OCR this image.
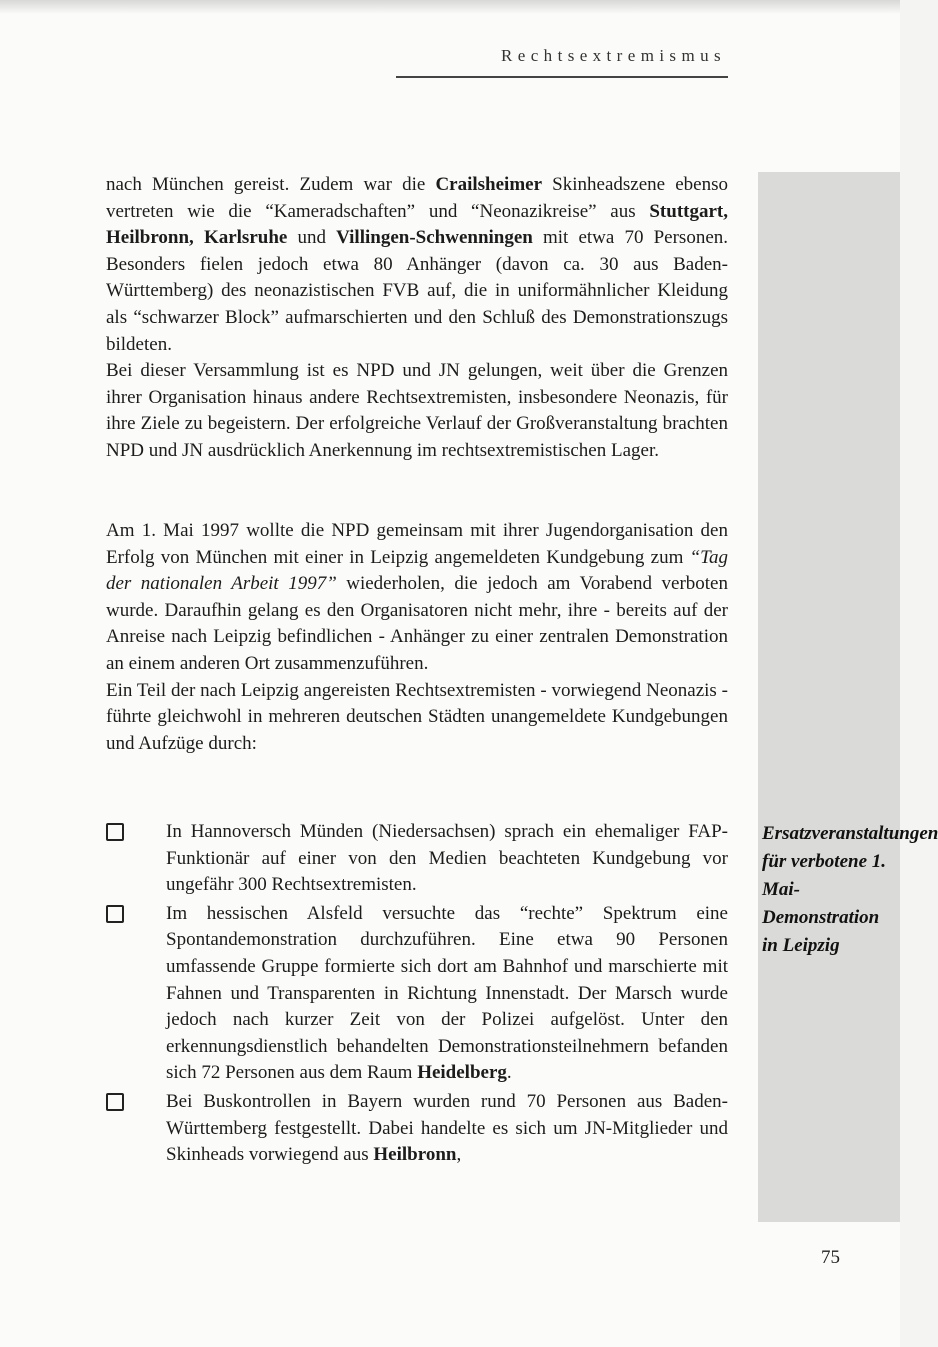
Rechtsextremismus
Ersatzveranstaltungen für verbotene 1. Mai-Demonstration in Leipzig

nach München gereist. Zudem war die Crailsheimer Skinheadszene ebenso vertreten wie die “Kameradschaften” und “Neonazikreise” aus Stuttgart, Heilbronn, Karlsruhe und Villingen-Schwenningen mit etwa 70 Personen. Besonders fielen jedoch etwa 80 Anhänger (davon ca. 30 aus Baden-Württemberg) des neonazistischen FVB auf, die in uniformähnlicher Kleidung als “schwarzer Block” aufmarschierten und den Schluß des Demonstrationszugs bildeten.

Bei dieser Versammlung ist es NPD und JN gelungen, weit über die Grenzen ihrer Organisation hinaus andere Rechtsextremisten, insbesondere Neonazis, für ihre Ziele zu begeistern. Der erfolgreiche Verlauf der Großveranstaltung brachten NPD und JN ausdrücklich Anerkennung im rechtsextremistischen Lager.

Am 1. Mai 1997 wollte die NPD gemeinsam mit ihrer Jugendorganisation den Erfolg von München mit einer in Leipzig angemeldeten Kundgebung zum “Tag der nationalen Arbeit 1997” wiederholen, die jedoch am Vorabend verboten wurde. Daraufhin gelang es den Organisatoren nicht mehr, ihre - bereits auf der Anreise nach Leipzig befindlichen - Anhänger zu einer zentralen Demonstration an einem anderen Ort zusammenzuführen.

Ein Teil der nach Leipzig angereisten Rechtsextremisten - vorwiegend Neonazis - führte gleichwohl in mehreren deutschen Städten unangemeldete Kundgebungen und Aufzüge durch:

In Hannoversch Münden (Niedersachsen) sprach ein ehemaliger FAP-Funktionär auf einer von den Medien beachteten Kundgebung vor ungefähr 300 Rechtsextremisten.
Im hessischen Alsfeld versuchte das “rechte” Spektrum eine Spontandemonstration durchzuführen. Eine etwa 90 Personen umfassende Gruppe formierte sich dort am Bahnhof und marschierte mit Fahnen und Transparenten in Richtung Innenstadt. Der Marsch wurde jedoch nach kurzer Zeit von der Polizei aufgelöst. Unter den erkennungsdienstlich behandelten Demonstrationsteilnehmern befanden sich 72 Personen aus dem Raum Heidelberg.
Bei Buskontrollen in Bayern wurden rund 70 Personen aus Baden-Württemberg festgestellt. Dabei handelte es sich um JN-Mitglieder und Skinheads vorwiegend aus Heilbronn,
75
